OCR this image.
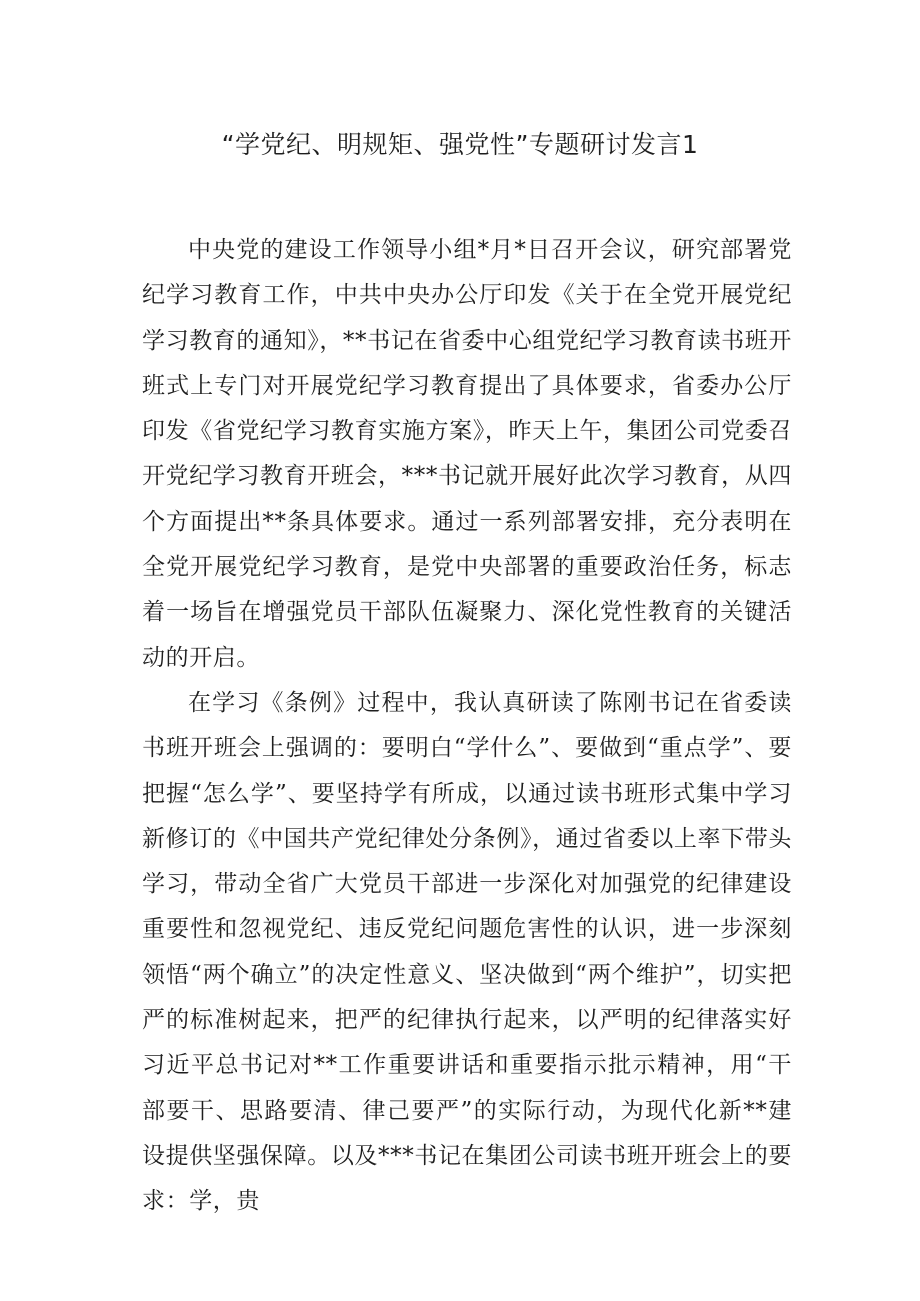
“学党纪、明规矩、强党性”专题研讨发言1

中央党的建设工作领导小组*月*日召开会议，研究部署党纪学习教育工作，中共中央办公厅印发《关于在全党开展党纪学习教育的通知》，**书记在省委中心组党纪学习教育读书班开班式上专门对开展党纪学习教育提出了具体要求，省委办公厅印发《省党纪学习教育实施方案》，昨天上午，集团公司党委召开党纪学习教育开班会，***书记就开展好此次学习教育，从四个方面提出**条具体要求。通过一系列部署安排，充分表明在全党开展党纪学习教育，是党中央部署的重要政治任务，标志着一场旨在增强党员干部队伍凝聚力、深化党性教育的关键活动的开启。

在学习《条例》过程中，我认真研读了陈刚书记在省委读书班开班会上强调的：要明白“学什么”、要做到“重点学”、要把握“怎么学”、要坚持学有所成，以通过读书班形式集中学习新修订的《中国共产党纪律处分条例》，通过省委以上率下带头学习，带动全省广大党员干部进一步深化对加强党的纪律建设重要性和忽视党纪、违反党纪问题危害性的认识，进一步深刻领悟“两个确立”的决定性意义、坚决做到“两个维护”，切实把严的标准树起来，把严的纪律执行起来，以严明的纪律落实好习近平总书记对**工作重要讲话和重要指示批示精神，用“干部要干、思路要清、律己要严”的实际行动，为现代化新**建设提供坚强保障。以及***书记在集团公司读书班开班会上的要求：学，贵
